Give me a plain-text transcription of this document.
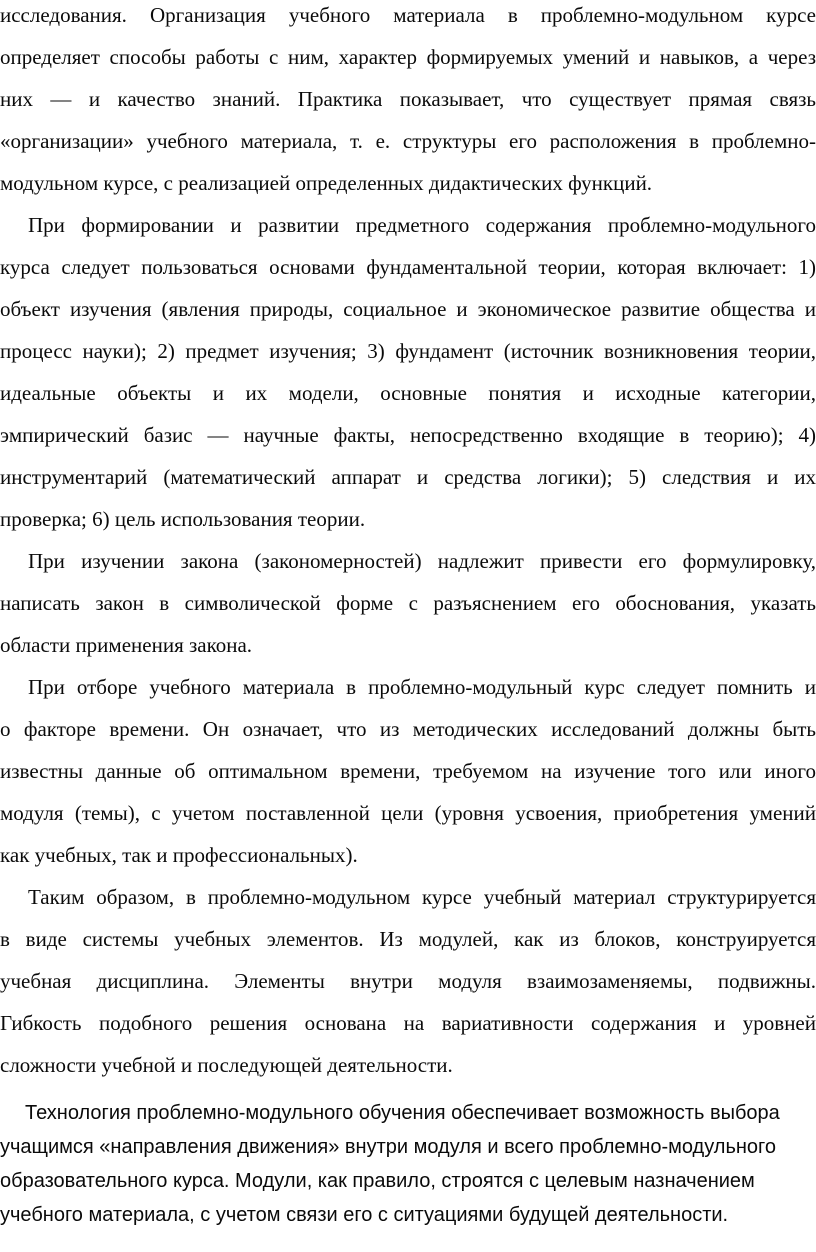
исследования. Организация учебного материала в проблемно-модульном курсе
определяет способы работы с ним, характер формируемых умений и навыков, а через
них — и качество знаний. Практика показывает, что существует прямая связь
«организации» учебного материала, т. е. структуры его расположения в проблемно-
модульном курсе, с реализацией определенных дидактических функций.
При формировании и развитии предметного содержания проблемно-модульного
курса следует пользоваться основами фундаментальной теории, которая включает: 1)
объект изучения (явления природы, социальное и экономическое развитие общества и
процесс науки); 2) предмет изучения; 3) фундамент (источник возникновения теории,
идеальные объекты и их модели, основные понятия и исходные категории,
эмпирический базис — научные факты, непосредственно входящие в теорию); 4)
инструментарий (математический аппарат и средства логики); 5) следствия и их
проверка; 6) цель использования теории.
При изучении закона (закономерностей) надлежит привести его формулировку,
написать закон в символической форме с разъяснением его обоснования, указать
области применения закона.
При отборе учебного материала в проблемно-модульный курс следует помнить и
о факторе времени. Он означает, что из методических исследований должны быть
известны данные об оптимальном времени, требуемом на изучение того или иного
модуля (темы), с учетом поставленной цели (уровня усвоения, приобретения умений
как учебных, так и профессиональных).
Таким образом, в проблемно-модульном курсе учебный материал структурируется
в виде системы учебных элементов. Из модулей, как из блоков, конструируется
учебная дисциплина. Элементы внутри модуля взаимозаменяемы, подвижны.
Гибкость подобного решения основана на вариативности содержания и уровней
сложности учебной и последующей деятельности.
Технология проблемно-модульного обучения обеспечивает возможность выбора
учащимся «направления движения» внутри модуля и всего проблемно-модульного
образовательного курса. Модули, как правило, строятся с целевым назначением
учебного материала, с учетом связи его с ситуациями будущей деятельности.
